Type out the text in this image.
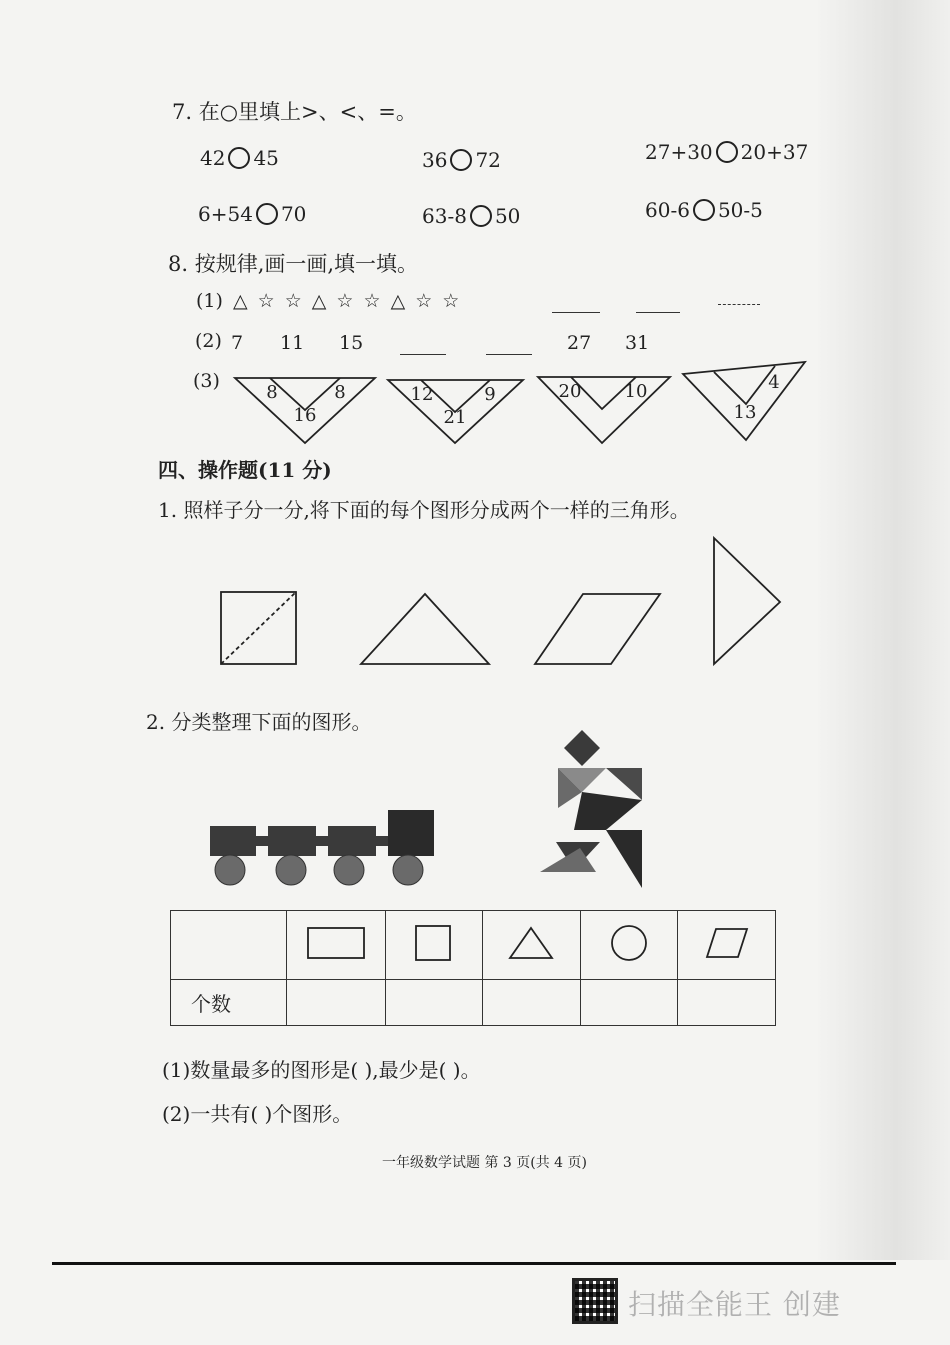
7. 在○里填上>、<、=。
42 45	36 72	27+30 20+37
6+54 70	63-8 50	60-6 50-5
8. 按规律,画一画,填一填。
(1) △ ☆ ☆ △ ☆ ☆ △ ☆ ☆
(2) 7 11 15	27 31
(3)
8	8
16
12	9
21
20 10	4
13
四、操作题(11 分)
1. 照样子分一分,将下面的每个图形分成两个一样的三角形。
2. 分类整理下面的图形。

个数					
(1)数量最多的图形是( ),最少是( )。
(2)一共有( )个图形。
一年级数学试题 第 3 页(共 4 页)
扫描全能王 创建
